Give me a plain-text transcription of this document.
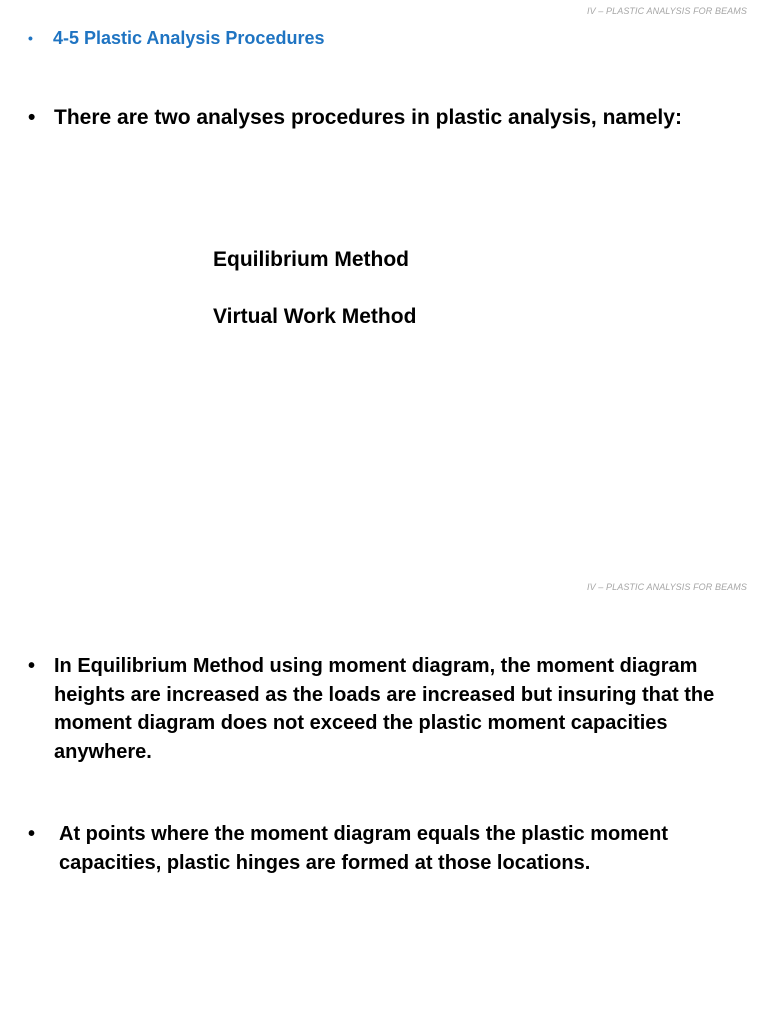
IV – PLASTIC ANALYSIS FOR BEAMS
•	4-5 Plastic Analysis Procedures
• There are two analyses procedures in plastic analysis, namely:
Equilibrium Method
Virtual Work Method
IV – PLASTIC ANALYSIS FOR BEAMS
• In Equilibrium Method using moment diagram, the moment diagram heights are increased as the loads are increased but insuring that the moment diagram does not exceed the plastic moment capacities anywhere.
•	At points where the moment diagram equals the plastic moment capacities, plastic hinges are formed at those locations.
